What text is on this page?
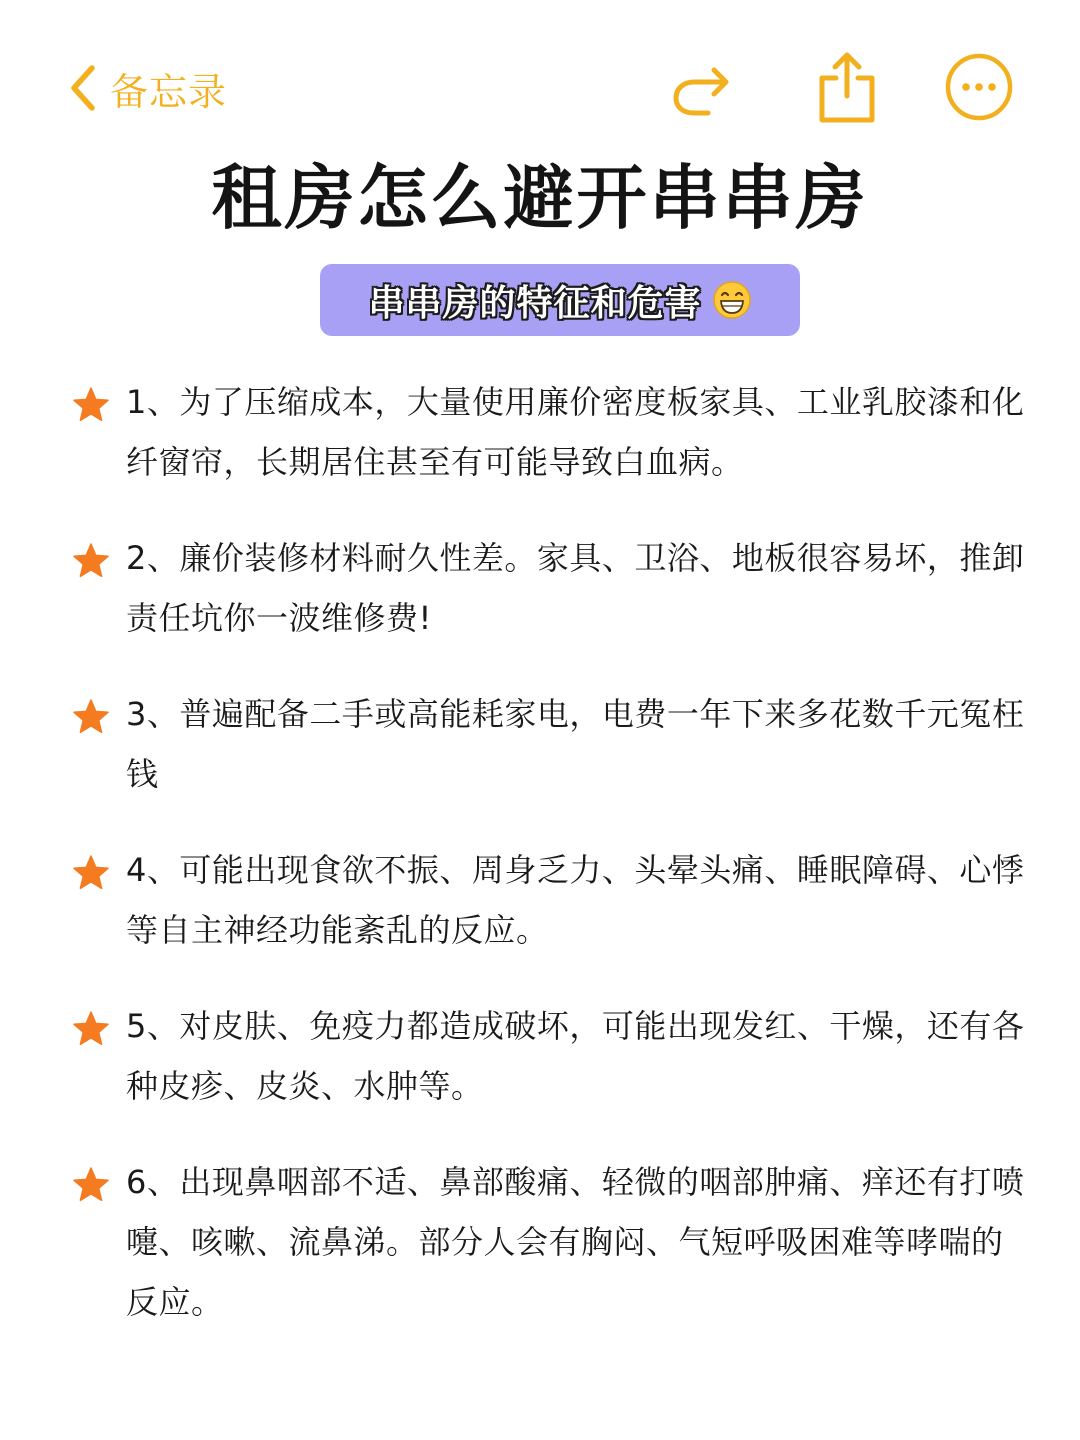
备忘录
租房怎么避开串串房
串串房的特征和危害
1、为了压缩成本，大量使用廉价密度板家具、工业乳胶漆和化纤窗帘，长期居住甚至有可能导致白血病。
2、廉价装修材料耐久性差。家具、卫浴、地板很容易坏，推卸责任坑你一波维修费!
3、普遍配备二手或高能耗家电，电费一年下来多花数千元冤枉钱
4、可能出现食欲不振、周身乏力、头晕头痛、睡眠障碍、心悸等自主神经功能紊乱的反应。
5、对皮肤、免疫力都造成破坏，可能出现发红、干燥，还有各种皮疹、皮炎、水肿等。
6、出现鼻咽部不适、鼻部酸痛、轻微的咽部肿痛、痒还有打喷嚏、咳嗽、流鼻涕。部分人会有胸闷、气短呼吸困难等哮喘的反应。
